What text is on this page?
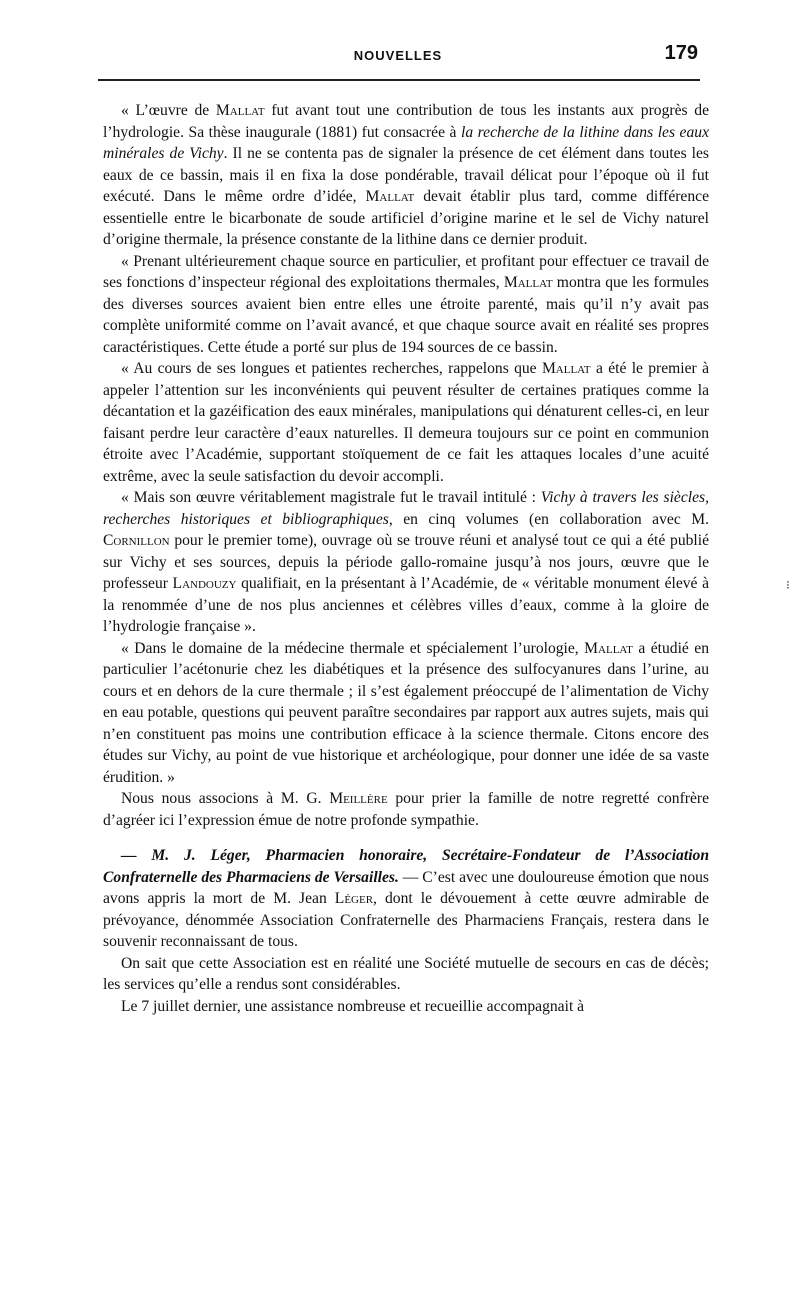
NOUVELLES	179

« L’œuvre de Mallat fut avant tout une contribution de tous les instants aux progrès de l’hydrologie. Sa thèse inaugurale (1881) fut consacrée à la recherche de la lithine dans les eaux minérales de Vichy. Il ne se contenta pas de signaler la présence de cet élément dans toutes les eaux de ce bassin, mais il en fixa la dose pondérable, travail délicat pour l’époque où il fut exécuté. Dans le même ordre d’idée, Mallat devait établir plus tard, comme différence essentielle entre le bicarbonate de soude artificiel d’origine marine et le sel de Vichy naturel d’origine thermale, la présence constante de la lithine dans ce dernier produit.

« Prenant ultérieurement chaque source en particulier, et profitant pour effectuer ce travail de ses fonctions d’inspecteur régional des exploitations thermales, Mallat montra que les formules des diverses sources avaient bien entre elles une étroite parenté, mais qu’il n’y avait pas complète uniformité comme on l’avait avancé, et que chaque source avait en réalité ses propres caractéristiques. Cette étude a porté sur plus de 194 sources de ce bassin.

« Au cours de ses longues et patientes recherches, rappelons que Mallat a été le premier à appeler l’attention sur les inconvénients qui peuvent résulter de certaines pratiques comme la décantation et la gazéification des eaux minérales, manipulations qui dénaturent celles-ci, en leur faisant perdre leur caractère d’eaux naturelles. Il demeura toujours sur ce point en communion étroite avec l’Académie, supportant stoïquement de ce fait les attaques locales d’une acuité extrême, avec la seule satisfaction du devoir accompli.

« Mais son œuvre véritablement magistrale fut le travail intitulé : Vichy à travers les siècles, recherches historiques et bibliographiques, en cinq volumes (en collaboration avec M. Cornillon pour le premier tome), ouvrage où se trouve réuni et analysé tout ce qui a été publié sur Vichy et ses sources, depuis la période gallo-romaine jusqu’à nos jours, œuvre que le professeur Landouzy qualifiait, en la présentant à l’Académie, de « véritable monument élevé à la renommée d’une de nos plus anciennes et célèbres villes d’eaux, comme à la gloire de l’hydrologie française ».

« Dans le domaine de la médecine thermale et spécialement l’urologie, Mallat a étudié en particulier l’acétonurie chez les diabétiques et la présence des sulfocyanures dans l’urine, au cours et en dehors de la cure thermale ; il s’est également préoccupé de l’alimentation de Vichy en eau potable, questions qui peuvent paraître secondaires par rapport aux autres sujets, mais qui n’en constituent pas moins une contribution efficace à la science thermale. Citons encore des études sur Vichy, au point de vue historique et archéologique, pour donner une idée de sa vaste érudition. »

Nous nous associons à M. G. Meillère pour prier la famille de notre regretté confrère d’agréer ici l’expression émue de notre profonde sympathie.

— M. J. Léger, Pharmacien honoraire, Secrétaire-Fondateur de l’Association Confraternelle des Pharmaciens de Versailles. — C’est avec une douloureuse émotion que nous avons appris la mort de M. Jean Léger, dont le dévouement à cette œuvre admirable de prévoyance, dénommée Association Confraternelle des Pharmaciens Français, restera dans le souvenir reconnaissant de tous.

On sait que cette Association est en réalité une Société mutuelle de secours en cas de décès; les services qu’elle a rendus sont considérables.

Le 7 juillet dernier, une assistance nombreuse et recueillie accompagnait à

⁝
